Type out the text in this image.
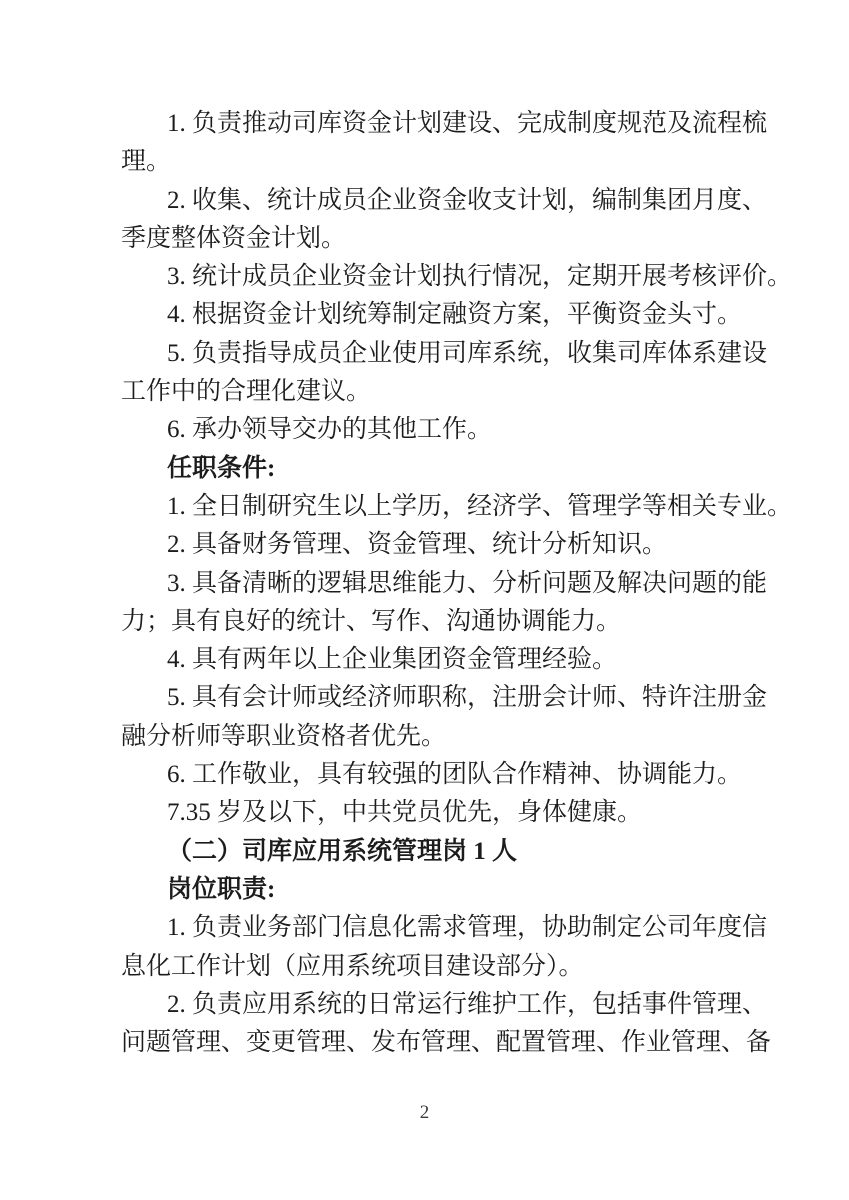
1. 负责推动司库资金计划建设、完成制度规范及流程梳
理。
2. 收集、统计成员企业资金收支计划，编制集团月度、
季度整体资金计划。
3. 统计成员企业资金计划执行情况，定期开展考核评价。
4. 根据资金计划统筹制定融资方案，平衡资金头寸。
5. 负责指导成员企业使用司库系统，收集司库体系建设
工作中的合理化建议。
6. 承办领导交办的其他工作。
任职条件:
1. 全日制研究生以上学历，经济学、管理学等相关专业。
2. 具备财务管理、资金管理、统计分析知识。
3. 具备清晰的逻辑思维能力、分析问题及解决问题的能
力；具有良好的统计、写作、沟通协调能力。
4. 具有两年以上企业集团资金管理经验。
5. 具有会计师或经济师职称，注册会计师、特许注册金
融分析师等职业资格者优先。
6. 工作敬业，具有较强的团队合作精神、协调能力。
7.35 岁及以下，中共党员优先，身体健康。
（二）司库应用系统管理岗 1 人
岗位职责:
1. 负责业务部门信息化需求管理，协助制定公司年度信
息化工作计划（应用系统项目建设部分）。
2. 负责应用系统的日常运行维护工作，包括事件管理、
问题管理、变更管理、发布管理、配置管理、作业管理、备
2
